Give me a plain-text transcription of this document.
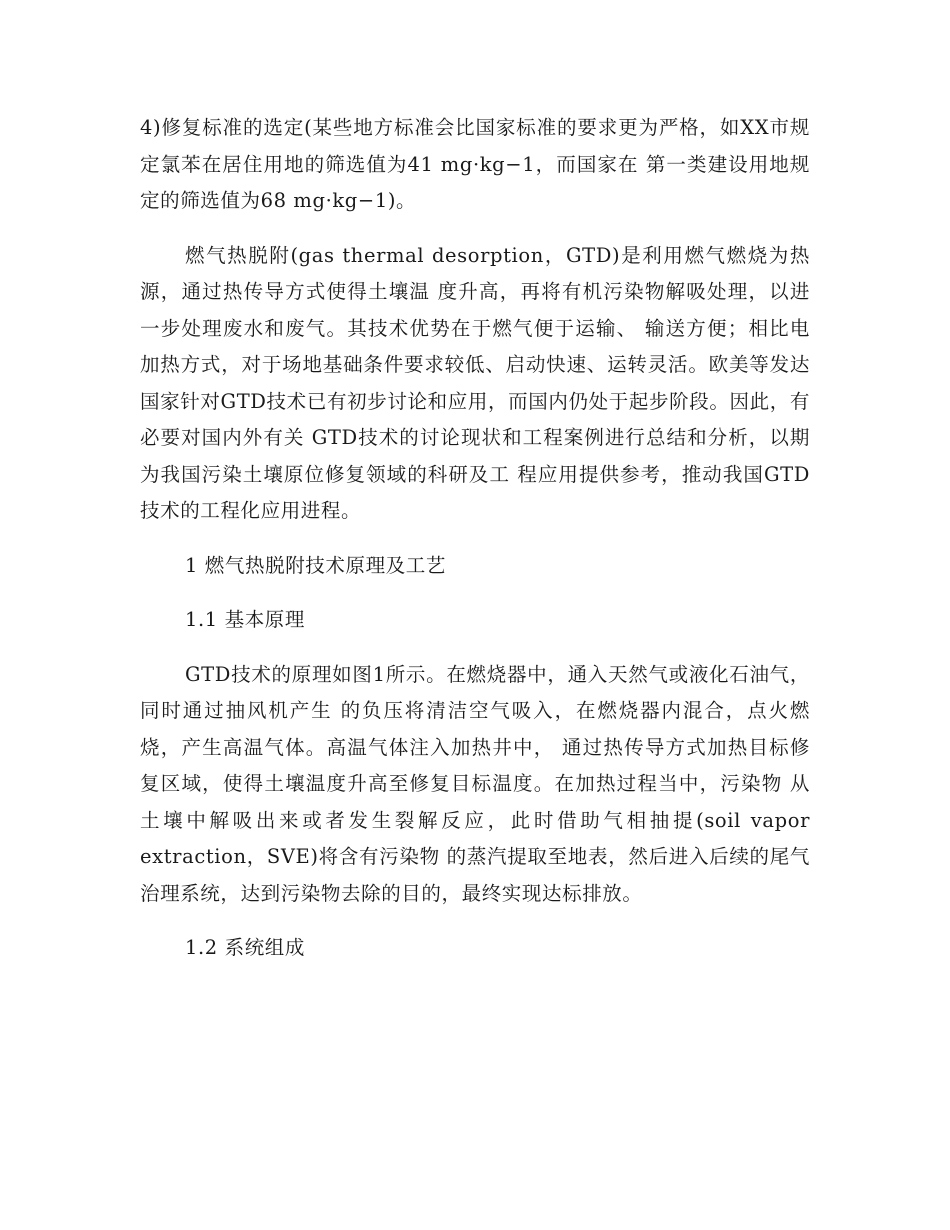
4)修复标准的选定(某些地方标准会比国家标准的要求更为严格，如XX市规定氯苯在居住用地的筛选值为41 mg·kg−1，而国家在 第一类建设用地规定的筛选值为68 mg·kg−1)。

燃气热脱附(gas thermal desorption，GTD)是利用燃气燃烧为热源，通过热传导方式使得土壤温 度升高，再将有机污染物解吸处理，以进一步处理废水和废气。其技术优势在于燃气便于运输、 输送方便；相比电加热方式，对于场地基础条件要求较低、启动快速、运转灵活。欧美等发达 国家针对GTD技术已有初步讨论和应用，而国内仍处于起步阶段。因此，有必要对国内外有关 GTD技术的讨论现状和工程案例进行总结和分析，以期为我国污染土壤原位修复领域的科研及工 程应用提供参考，推动我国GTD技术的工程化应用进程。

1 燃气热脱附技术原理及工艺
1.1 基本原理

GTD技术的原理如图1所示。在燃烧器中，通入天然气或液化石油气，同时通过抽风机产生 的负压将清洁空气吸入，在燃烧器内混合，点火燃烧，产生高温气体。高温气体注入加热井中， 通过热传导方式加热目标修复区域，使得土壤温度升高至修复目标温度。在加热过程当中，污染物 从土壤中解吸出来或者发生裂解反应，此时借助气相抽提(soil vapor extraction，SVE)将含有污染物 的蒸汽提取至地表，然后进入后续的尾气治理系统，达到污染物去除的目的，最终实现达标排放。

1.2 系统组成
